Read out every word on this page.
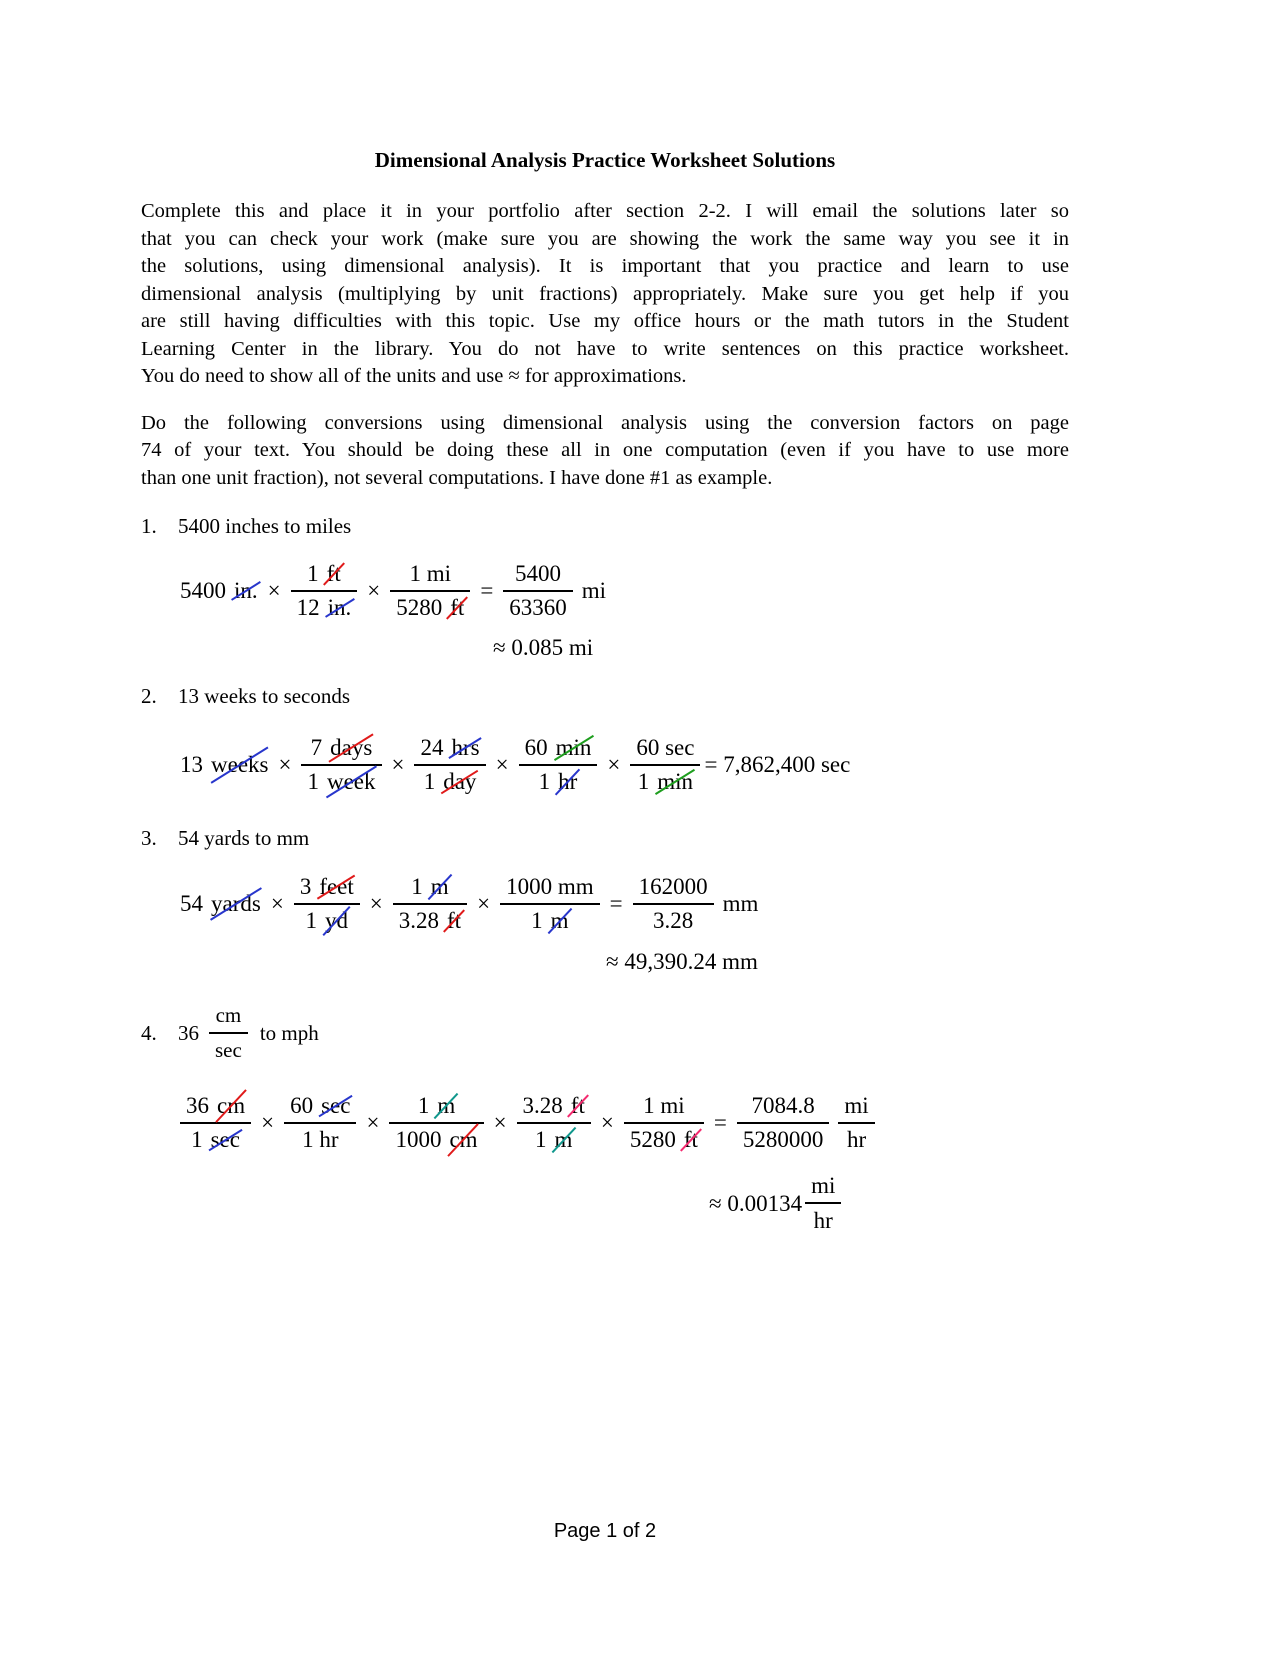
Dimensional Analysis Practice Worksheet Solutions
Complete this and place it in your portfolio after section 2-2. I will email the solutions later so
that you can check your work (make sure you are showing the work the same way you see it in
the solutions, using dimensional analysis). It is important that you practice and learn to use
dimensional analysis (multiplying by unit fractions) appropriately. Make sure you get help if you
are still having difficulties with this topic. Use my office hours or the math tutors in the Student
Learning Center in the library. You do not have to write sentences on this practice worksheet.
You do need to show all of the units and use ≈ for approximations.
Do the following conversions using dimensional analysis using the conversion factors on page
74 of your text. You should be doing these all in one computation (even if you have to use more
than one unit fraction), not several computations. I have done #1 as example.
1.	5400 inches to miles
5400 in. × $\frac{1 ft}{12 in.} \times \frac{1 mi}{5280 ft} = \frac{5400}{63360}$ mi
≈ 0.085 mi
2.	13 weeks to seconds
13 weeks × $\frac{\text{7 days}}{\text{1 week}} \times \frac{\text{24 hrs}}{\text{1 day}} \times \frac{60 \min}{1 hr} \times \frac{60 \sec}{1 \min} = 7,862,400$ sec
3.	54 yards to mm
54 yards × $\frac{\text{3 feet}}{1 yd} \times \frac{1 m}{3.28 ft} \times \frac{1000 mm}{1 m} = \frac{162000}{3.28}$ mm
≈ 49,390.24 mm
4.	$36 \frac{cm}{\sec}$ to mph
$\frac{36 cm}{1 \sec} \times \frac{60 \sec}{1 hr} \times \frac{1 m}{1000 cm} \times \frac{3.28 ft}{1 m} \times \frac{1 mi}{5280 ft} = \frac{7084.8}{5280000} \frac{mi}{hr}$
≈ $0.00134 \frac{mi}{hr}$
Page 1 of 2
